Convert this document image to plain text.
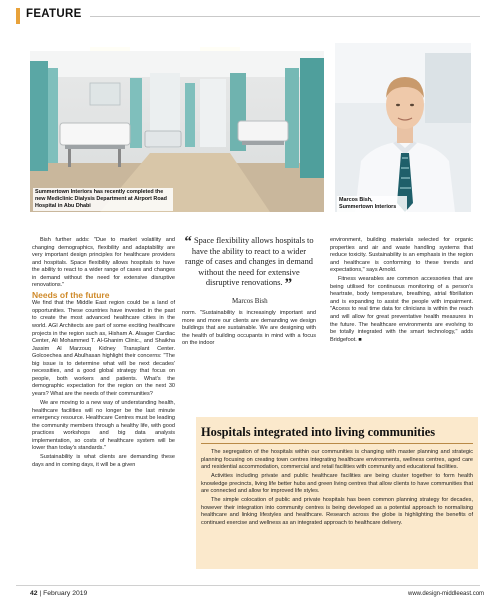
FEATURE
Summertown Interiors has recently completed the new Mediclinic Dialysis Department at Airport Road Hospital in Abu Dhabi
Marcos Bish,
Summertown Interiors

Bish further adds: "Due to market volatility and changing demographics, flexibility and adaptability are very important design principles for healthcare providers and hospitals. Space flexibility allows hospitals to have the ability to react to a wider range of cases and changes in demand without the need for extensive disruptive renovations."

Needs of the future

We find that the Middle East region could be a land of opportunities. These countries have invested in the past to create the most advanced healthcare cities in the world. AGI Architects are part of some exciting healthcare projects in the region such as, Hisham A. Alsager Cardiac Center, Ali Mohammed T. Al-Ghanim Clinic., and Shaikha Jassim Al Marzouq Kidney Transplant Center. Golcoechea and Abulhasan highlight their concerns: "The big issue is to determine what will be next decades' necessities, and a good global strategy that focus on people, both workers and patients. What's the demographic expectation for the region on the next 30 years? What are the needs of their communities?

We are moving to a new way of understanding health, healthcare facilities will no longer be the last minute emergency resource. Healthcare Centres must be leading the community members through a healthy life, with good practices workshops and big data analysis implementation, so costs of healthcare system will be lower than today's standards."

Sustainability is what clients are demanding these days and in coming days, it will be a given

“ Space flexibility allows hospitals to have the ability to react to a wider range of cases and changes in demand without the need for extensive disruptive renovations. ”
Marcos Bish

norm. "Sustainability is increasingly important and more and more our clients are demanding we design buildings that are sustainable. We are designing with the health of building occupants in mind with a focus on the indoor

environment, building materials selected for organic properties and air and waste handling systems that reduce toxicity. Sustainability is an emphasis in the region and healthcare is conforming to these trends and expectations," says Arnold.

Fitness wearables are common accessories that are being utilised for continuous monitoring of a person's heartrate, body temperature, breathing, atrial fibrillation and is expanding to assist the people with impairment. "Access to real time data for clinicians is within the reach and will allow for great preventative health measures in the future. The healthcare environments are evolving to be totally integrated with the smart technology," adds Bridgefoot. ■

Hospitals integrated into living communities

The segregation of the hospitals within our communities is changing with master planning and strategic planning focusing on creating town centres integrating healthcare environments, wellness centres, aged care and residential accommodation, commercial and retail facilities with community and educational facilities.

Activities including private and public healthcare facilities are being cluster together to form health knowledge precincts, living life better hubs and green living centres that allow clients to have communities that are connected and allow for improved life styles.

The simple colocation of public and private hospitals has been common planning strategy for decades, however their integration into community centres is being developed as a potential approach to normalising healthcare and linking lifestyles and healthcare. Research across the globe is highlighting the benefits of continued exercise and wellness as an integrated approach to healthcare delivery.

42 | February 2019	www.design-middleeast.com
